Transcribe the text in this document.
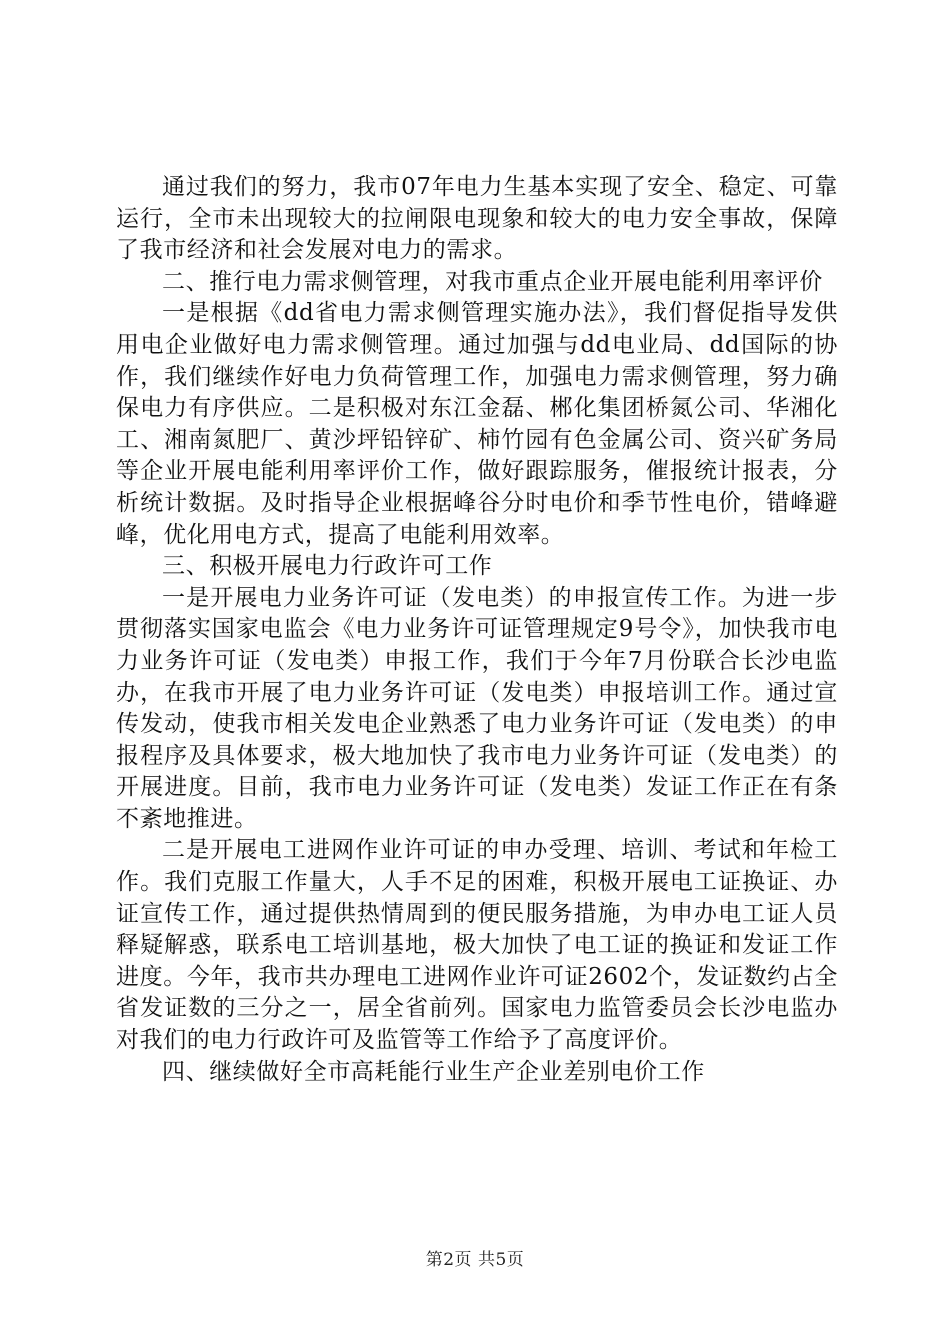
通过我们的努力，我市07年电力生基本实现了安全、稳定、可靠运行，全市未出现较大的拉闸限电现象和较大的电力安全事故，保障了我市经济和社会发展对电力的需求。

二、推行电力需求侧管理，对我市重点企业开展电能利用率评价

一是根据《dd省电力需求侧管理实施办法》，我们督促指导发供用电企业做好电力需求侧管理。通过加强与dd电业局、dd国际的协作，我们继续作好电力负荷管理工作，加强电力需求侧管理，努力确保电力有序供应。二是积极对东江金磊、郴化集团桥氮公司、华湘化工、湘南氮肥厂、黄沙坪铅锌矿、柿竹园有色金属公司、资兴矿务局等企业开展电能利用率评价工作，做好跟踪服务，催报统计报表，分析统计数据。及时指导企业根据峰谷分时电价和季节性电价，错峰避峰，优化用电方式，提高了电能利用效率。

三、积极开展电力行政许可工作

一是开展电力业务许可证（发电类）的申报宣传工作。为进一步贯彻落实国家电监会《电力业务许可证管理规定9号令》，加快我市电力业务许可证（发电类）申报工作，我们于今年7月份联合长沙电监办，在我市开展了电力业务许可证（发电类）申报培训工作。通过宣传发动，使我市相关发电企业熟悉了电力业务许可证（发电类）的申报程序及具体要求，极大地加快了我市电力业务许可证（发电类）的开展进度。目前，我市电力业务许可证（发电类）发证工作正在有条不紊地推进。

二是开展电工进网作业许可证的申办受理、培训、考试和年检工作。我们克服工作量大，人手不足的困难，积极开展电工证换证、办证宣传工作，通过提供热情周到的便民服务措施，为申办电工证人员释疑解惑，联系电工培训基地，极大加快了电工证的换证和发证工作进度。今年，我市共办理电工进网作业许可证2602个，发证数约占全省发证数的三分之一，居全省前列。国家电力监管委员会长沙电监办对我们的电力行政许可及监管等工作给予了高度评价。

四、继续做好全市高耗能行业生产企业差别电价工作

第2页 共5页
